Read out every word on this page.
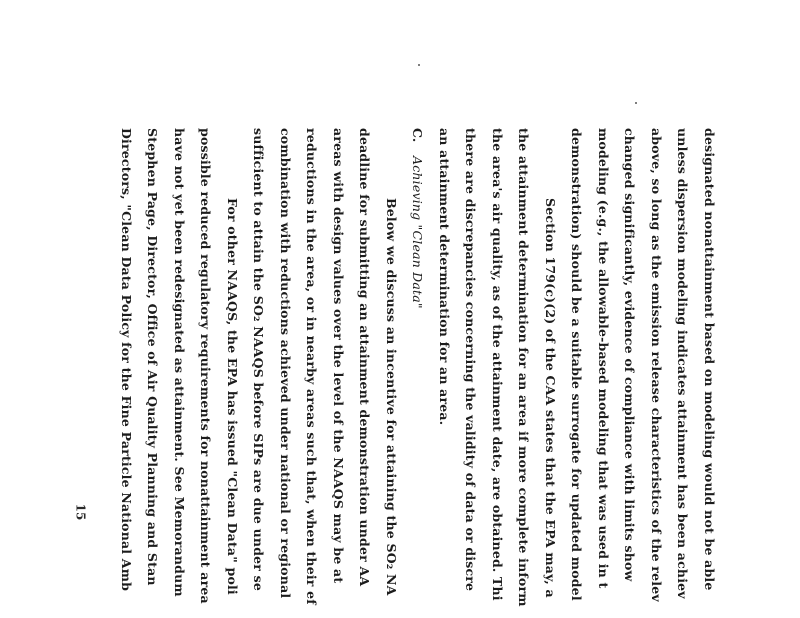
designated nonattainment based on modeling would not be able
unless dispersion modeling indicates attainment has been achiev
above, so long as the emission release characteristics of the relev
changed significantly, evidence of compliance with limits show
modeling (e.g., the allowable-based modeling that was used in t
demonstration) should be a suitable surrogate for updated model
Section 179(c)(2) of the CAA states that the EPA may, a
the attainment determination for an area if more complete inform
the area's air quality, as of the attainment date, are obtained. Thi
there are discrepancies concerning the validity of data or discre
an attainment determination for an area.
C.Achieving "Clean Data"
Below we discuss an incentive for attaining the SO₂ NA
deadline for submitting an attainment demonstration under AA
areas with design values over the level of the NAAQS may be at
reductions in the area, or in nearby areas such that, when their ef
combination with reductions achieved under national or regional
sufficient to attain the SO₂ NAAQS before SIPs are due under se
For other NAAQS, the EPA has issued "Clean Data" poli
possible reduced regulatory requirements for nonattainment area
have not yet been redesignated as attainment. See Memorandum
Stephen Page, Director, Office of Air Quality Planning and Stan
Directors, "Clean Data Policy for the Fine Particle National Amb
15
